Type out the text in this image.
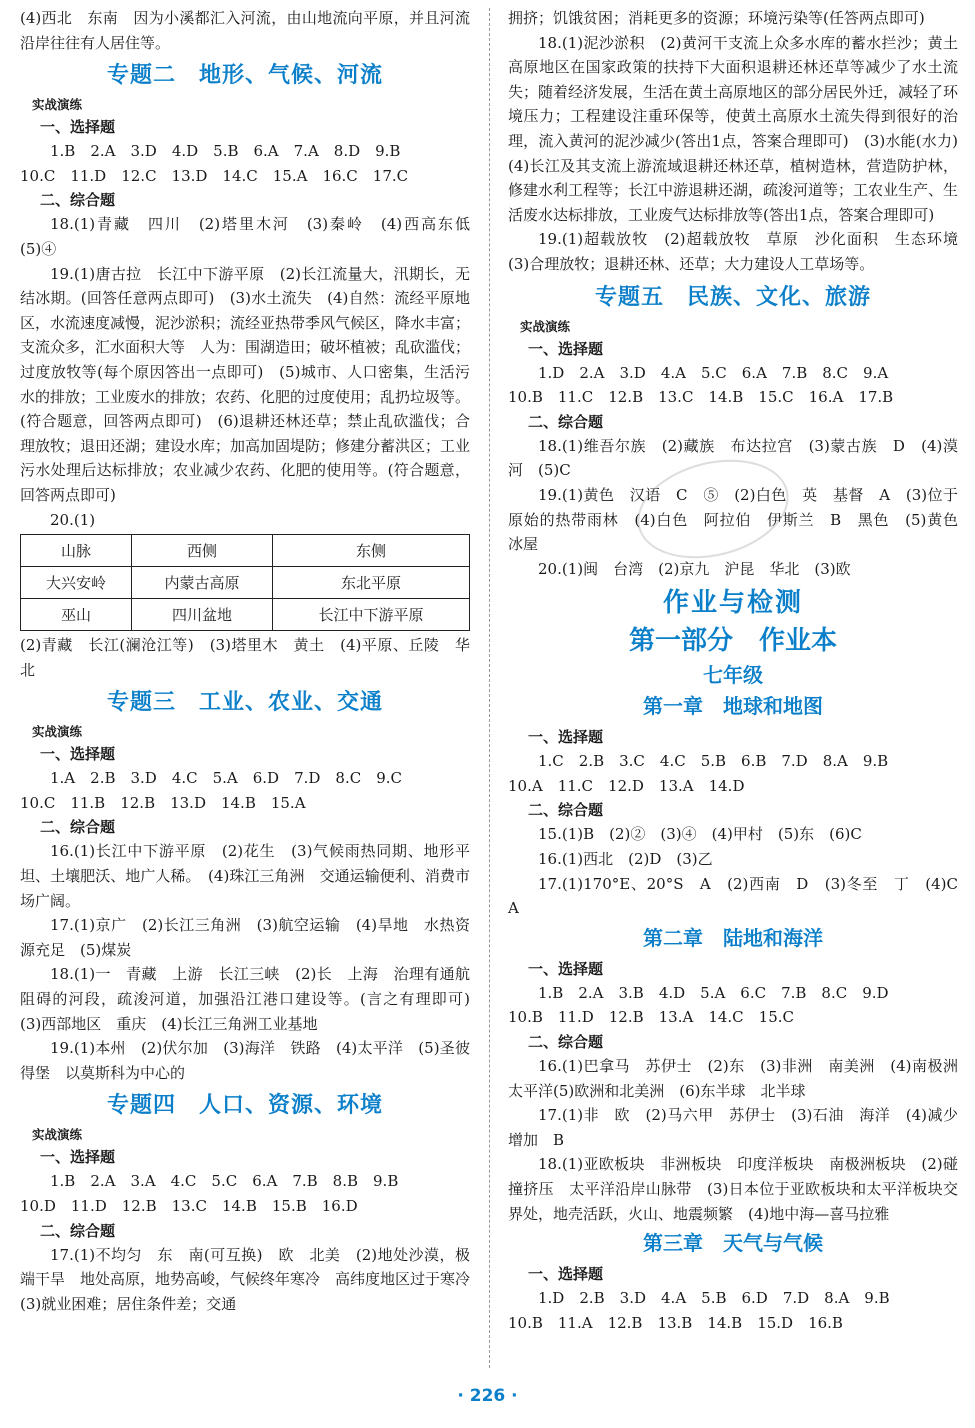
(4)西北　东南　因为小溪都汇入河流，由山地流向平原，并且河流沿岸往往有人居住等。

专题二　地形、气候、河流
实战演练
一、选择题

1.B　2.A　3.D　4.D　5.B　6.A　7.A　8.D　9.B

10.C　11.D　12.C　13.D　14.C　15.A　16.C　17.C

二、综合题

18.(1)青藏　四川　(2)塔里木河　(3)秦岭　(4)西高东低　(5)④

19.(1)唐古拉　长江中下游平原　(2)长江流量大，汛期长，无结冰期。(回答任意两点即可)　(3)水土流失　(4)自然：流经平原地区，水流速度减慢，泥沙淤积；流经亚热带季风气候区，降水丰富；支流众多，汇水面积大等　人为：围湖造田；破坏植被；乱砍滥伐；过度放牧等(每个原因答出一点即可)　(5)城市、人口密集，生活污水的排放；工业废水的排放；农药、化肥的过度使用；乱扔垃圾等。(符合题意，回答两点即可)　(6)退耕还林还草；禁止乱砍滥伐；合理放牧；退田还湖；建设水库；加高加固堤防；修建分蓄洪区；工业污水处理后达标排放；农业减少农药、化肥的使用等。(符合题意，回答两点即可)

20.(1)

山脉	西侧	东侧
大兴安岭	内蒙古高原	东北平原
巫山	四川盆地	长江中下游平原

(2)青藏　长江(澜沧江等)　(3)塔里木　黄土　(4)平原、丘陵　华北

专题三　工业、农业、交通
实战演练
一、选择题

1.A　2.B　3.D　4.C　5.A　6.D　7.D　8.C　9.C

10.C　11.B　12.B　13.D　14.B　15.A

二、综合题

16.(1)长江中下游平原　(2)花生　(3)气候雨热同期、地形平坦、土壤肥沃、地广人稀。　(4)珠江三角洲　交通运输便利、消费市场广阔。

17.(1)京广　(2)长江三角洲　(3)航空运输　(4)旱地　水热资源充足　(5)煤炭

18.(1)一　青藏　上游　长江三峡　(2)长　上海　治理有通航阻碍的河段，疏浚河道，加强沿江港口建设等。(言之有理即可)　(3)西部地区　重庆　(4)长江三角洲工业基地

19.(1)本州　(2)伏尔加　(3)海洋　铁路　(4)太平洋　(5)圣彼得堡　以莫斯科为中心的

专题四　人口、资源、环境
实战演练
一、选择题

1.B　2.A　3.A　4.C　5.C　6.A　7.B　8.B　9.B

10.D　11.D　12.B　13.C　14.B　15.B　16.D

二、综合题

17.(1)不均匀　东　南(可互换)　欧　北美　(2)地处沙漠，极端干旱　地处高原，地势高峻，气候终年寒冷　高纬度地区过于寒冷　(3)就业困难；居住条件差；交通

拥挤；饥饿贫困；消耗更多的资源；环境污染等(任答两点即可)

18.(1)泥沙淤积　(2)黄河干支流上众多水库的蓄水拦沙；黄土高原地区在国家政策的扶持下大面积退耕还林还草等减少了水土流失；随着经济发展，生活在黄土高原地区的部分居民外迁，减轻了环境压力；工程建设注重环保等，使黄土高原水土流失得到很好的治理，流入黄河的泥沙减少(答出1点，答案合理即可)　(3)水能(水力)　(4)长江及其支流上游流域退耕还林还草，植树造林，营造防护林，修建水利工程等；长江中游退耕还湖，疏浚河道等；工农业生产、生活废水达标排放，工业废气达标排放等(答出1点，答案合理即可)

19.(1)超载放牧　(2)超载放牧　草原　沙化面积　生态环境　(3)合理放牧；退耕还林、还草；大力建设人工草场等。

专题五　民族、文化、旅游
实战演练
一、选择题

1.D　2.A　3.D　4.A　5.C　6.A　7.B　8.C　9.A

10.B　11.C　12.B　13.C　14.B　15.C　16.A　17.B

二、综合题

18.(1)维吾尔族　(2)藏族　布达拉宫　(3)蒙古族　D　(4)漠河　(5)C

19.(1)黄色　汉语　C　⑤　(2)白色　英　基督　A　(3)位于原始的热带雨林　(4)白色　阿拉伯　伊斯兰　B　黑色　(5)黄色　冰屋

20.(1)闽　台湾　(2)京九　沪昆　华北　(3)欧

作业与检测
第一部分　作业本
七年级
第一章　地球和地图
一、选择题

1.C　2.B　3.C　4.C　5.B　6.B　7.D　8.A　9.B

10.A　11.C　12.D　13.A　14.D

二、综合题

15.(1)B　(2)②　(3)④　(4)甲村　(5)东　(6)C

16.(1)西北　(2)D　(3)乙

17.(1)170°E、20°S　A　(2)西南　D　(3)冬至　丁　(4)C　A

第二章　陆地和海洋
一、选择题

1.B　2.A　3.B　4.D　5.A　6.C　7.B　8.C　9.D

10.B　11.D　12.B　13.A　14.C　15.C

二、综合题

16.(1)巴拿马　苏伊士　(2)东　(3)非洲　南美洲　(4)南极洲　太平洋(5)欧洲和北美洲　(6)东半球　北半球

17.(1)非　欧　(2)马六甲　苏伊士　(3)石油　海洋　(4)减少　增加　B

18.(1)亚欧板块　非洲板块　印度洋板块　南极洲板块　(2)碰撞挤压　太平洋沿岸山脉带　(3)日本位于亚欧板块和太平洋板块交界处，地壳活跃，火山、地震频繁　(4)地中海—喜马拉雅

第三章　天气与气候
一、选择题

1.D　2.B　3.D　4.A　5.B　6.D　7.D　8.A　9.B

10.B　11.A　12.B　13.B　14.B　15.D　16.B

· 226 ·
